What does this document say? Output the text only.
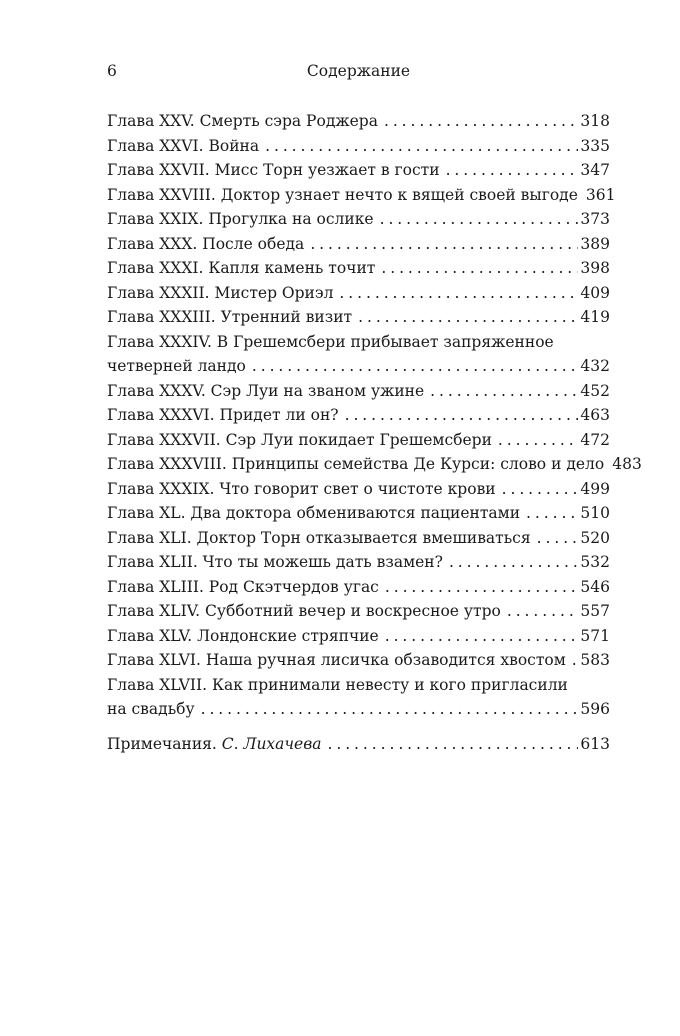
6	Содержание
Глава XXV. Смерть сэра Роджера . . .	318
Глава XXVI. Война . . .	335
Глава XXVII. Мисс Торн уезжает в гости . . .	347
Глава XXVIII. Доктор узнает нечто к вящей своей выгоде 361
Глава XXIX. Прогулка на ослике . . .	373
Глава XXX. После обеда . . .	389
Глава XXXI. Капля камень точит . . .	398
Глава XXXII. Мистер Ориэл . . .	409
Глава XXXIII. Утренний визит . . .	419
Глава XXXIV. В Грешемсбери прибывает запряженное
четверней ландо . . .	432
Глава XXXV. Сэр Луи на званом ужине . . .	452
Глава XXXVI. Придет ли он? . . .	463
Глава XXXVII. Сэр Луи покидает Грешемсбери . . .	472
Глава XXXVIII. Принципы семейства Де Курси: слово и дело 483
Глава XXXIX. Что говорит свет о чистоте крови . . .	499
Глава XL. Два доктора обмениваются пациентами . . .	510
Глава XLI. Доктор Торн отказывается вмешиваться . . .	520
Глава XLII. Что ты можешь дать взамен? . . .	532
Глава XLIII. Род Скэтчердов угас . . .	546
Глава XLIV. Субботний вечер и воскресное утро . . .	557
Глава XLV. Лондонские стряпчие . . .	571
Глава XLVI. Наша ручная лисичка обзаводится хвостом . . . 583
Глава XLVII. Как принимали невесту и кого пригласили
на свадьбу . . .	596
Примечания. С. Лихачева . . .	613
